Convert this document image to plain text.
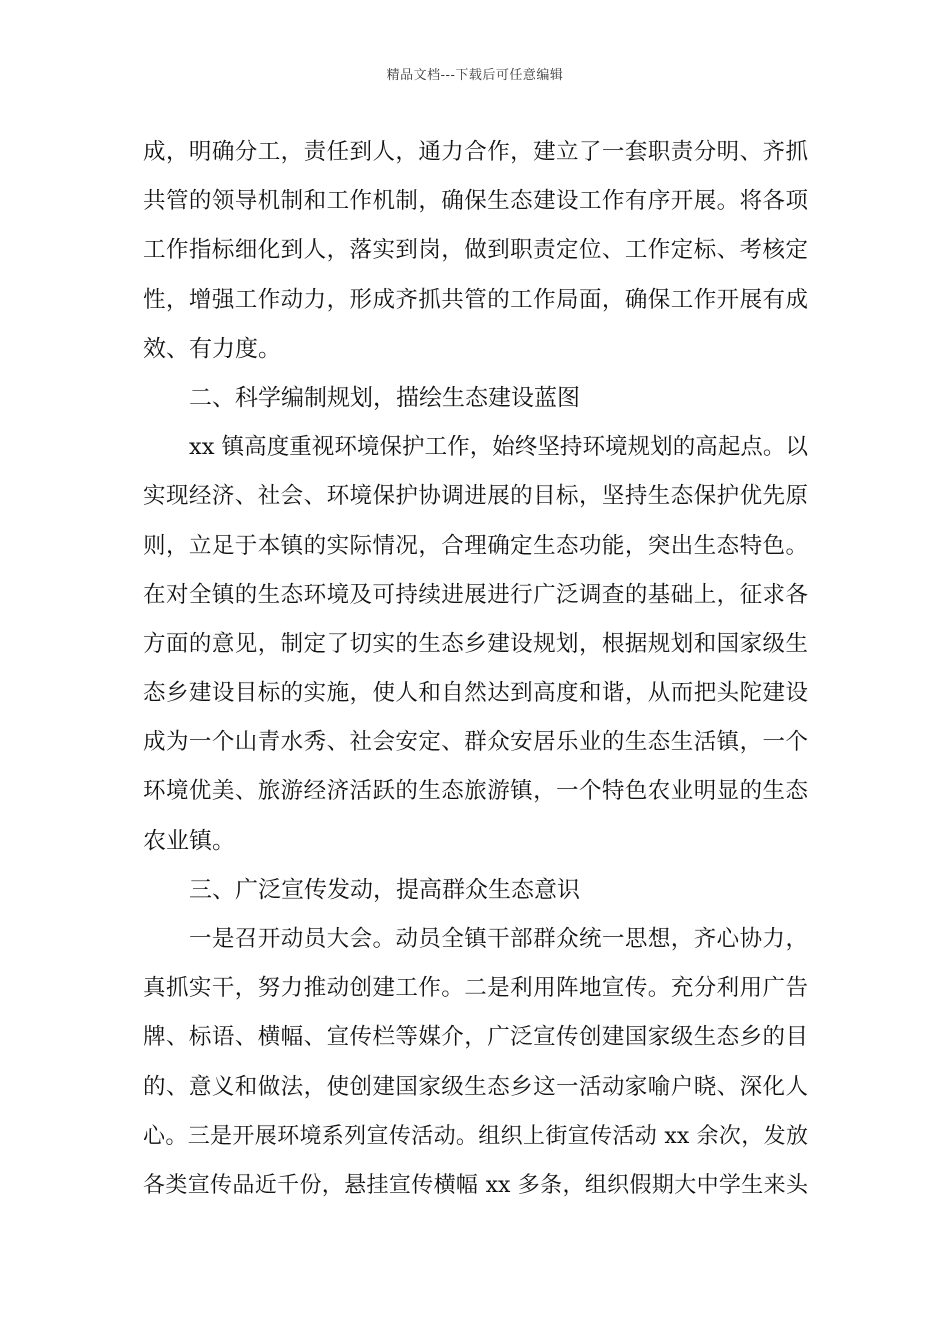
精品文档---下载后可任意编辑
成，明确分工，责任到人，通力合作，建立了一套职责分明、齐抓
共管的领导机制和工作机制，确保生态建设工作有序开展。将各项
工作指标细化到人，落实到岗，做到职责定位、工作定标、考核定
性，增强工作动力，形成齐抓共管的工作局面，确保工作开展有成
效、有力度。
二、科学编制规划，描绘生态建设蓝图
xx 镇高度重视环境保护工作，始终坚持环境规划的高起点。以
实现经济、社会、环境保护协调进展的目标，坚持生态保护优先原
则，立足于本镇的实际情况，合理确定生态功能，突出生态特色。
在对全镇的生态环境及可持续进展进行广泛调查的基础上，征求各
方面的意见，制定了切实的生态乡建设规划，根据规划和国家级生
态乡建设目标的实施，使人和自然达到高度和谐，从而把头陀建设
成为一个山青水秀、社会安定、群众安居乐业的生态生活镇，一个
环境优美、旅游经济活跃的生态旅游镇，一个特色农业明显的生态
农业镇。
三、广泛宣传发动，提高群众生态意识
一是召开动员大会。动员全镇干部群众统一思想，齐心协力，
真抓实干，努力推动创建工作。二是利用阵地宣传。充分利用广告
牌、标语、横幅、宣传栏等媒介，广泛宣传创建国家级生态乡的目
的、意义和做法，使创建国家级生态乡这一活动家喻户晓、深化人
心。三是开展环境系列宣传活动。组织上街宣传活动 xx 余次，发放
各类宣传品近千份，悬挂宣传横幅 xx 多条，组织假期大中学生来头
